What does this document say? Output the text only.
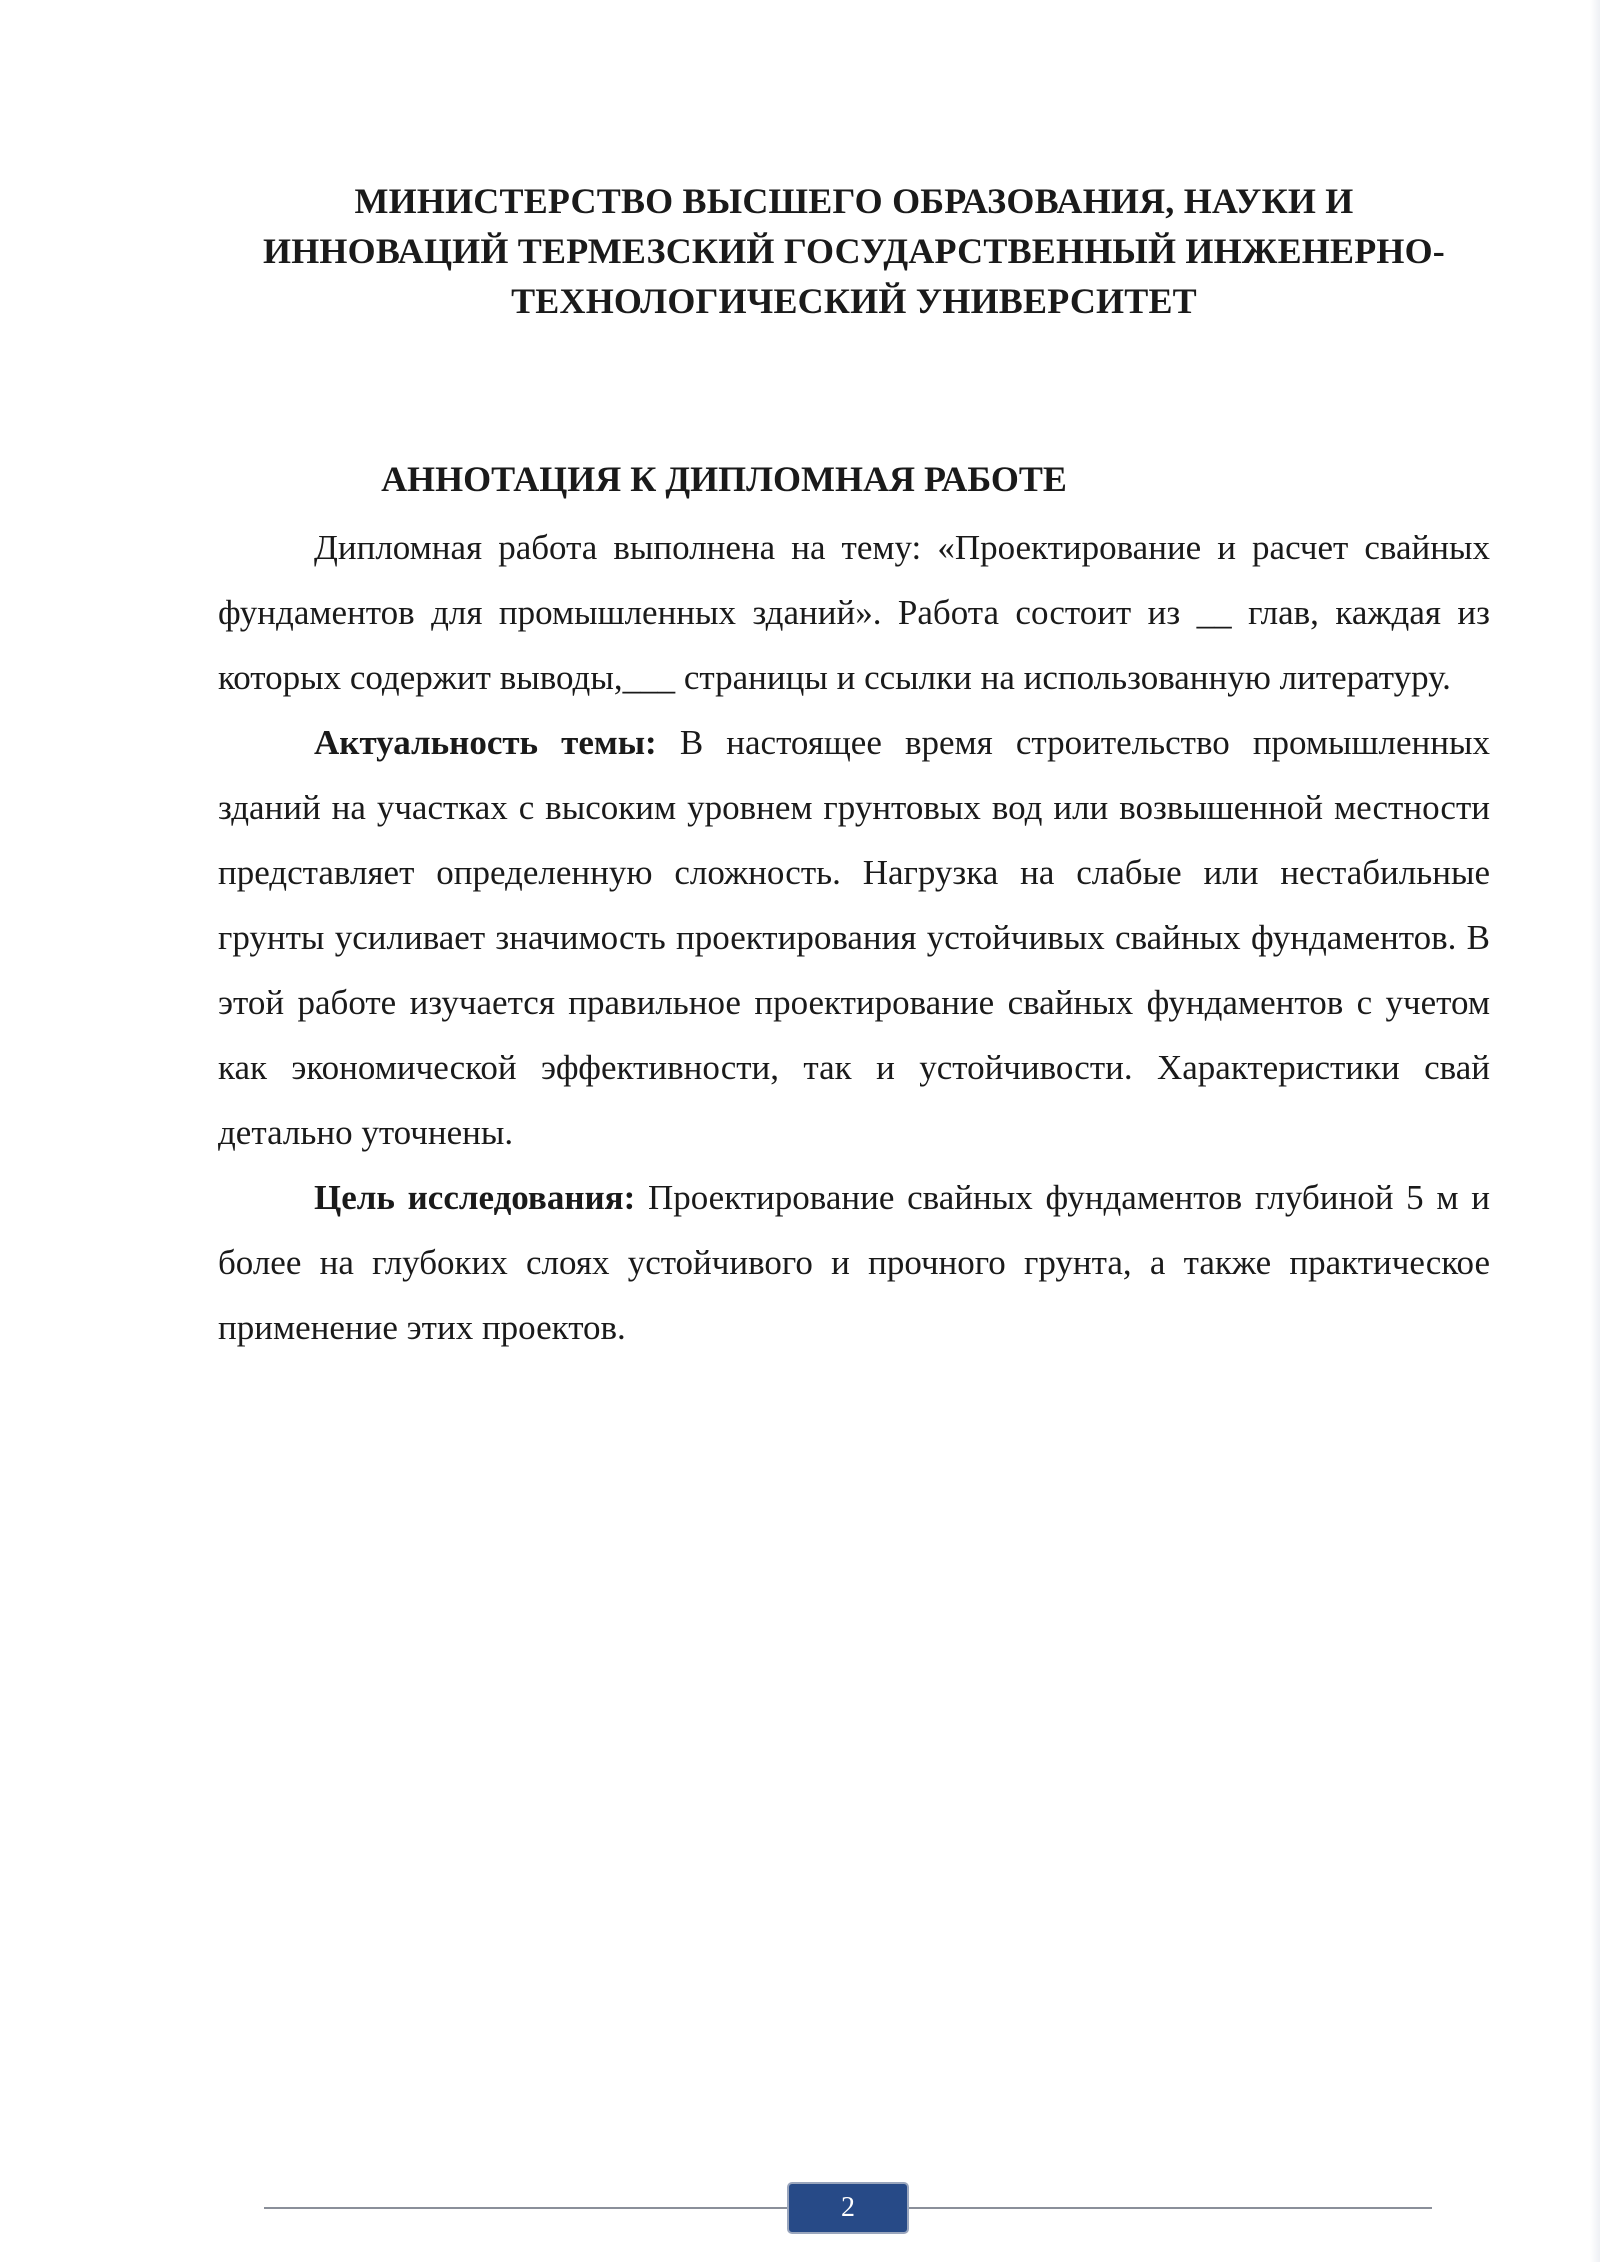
МИНИСТЕРСТВО ВЫСШЕГО ОБРАЗОВАНИЯ, НАУКИ И
ИННОВАЦИЙ ТЕРМЕЗСКИЙ ГОСУДАРСТВЕННЫЙ ИНЖЕНЕРНО-
ТЕХНОЛОГИЧЕСКИЙ УНИВЕРСИТЕТ
АННОТАЦИЯ К ДИПЛОМНАЯ РАБОТЕ

Дипломная работа выполнена на тему: «Проектирование и расчет свайных фундаментов для промышленных зданий». Работа состоит из __ глав, каждая из которых содержит выводы,___ страницы и ссылки на использованную литературу.

Актуальность темы: В настоящее время строительство промышленных зданий на участках с высоким уровнем грунтовых вод или возвышенной местности представляет определенную сложность. Нагрузка на слабые или нестабильные грунты усиливает значимость проектирования устойчивых свайных фундаментов. В этой работе изучается правильное проектирование свайных фундаментов с учетом как экономической эффективности, так и устойчивости. Характеристики свай детально уточнены.

Цель исследования: Проектирование свайных фундаментов глубиной 5 м и более на глубоких слоях устойчивого и прочного грунта, а также практическое применение этих проектов.

2
